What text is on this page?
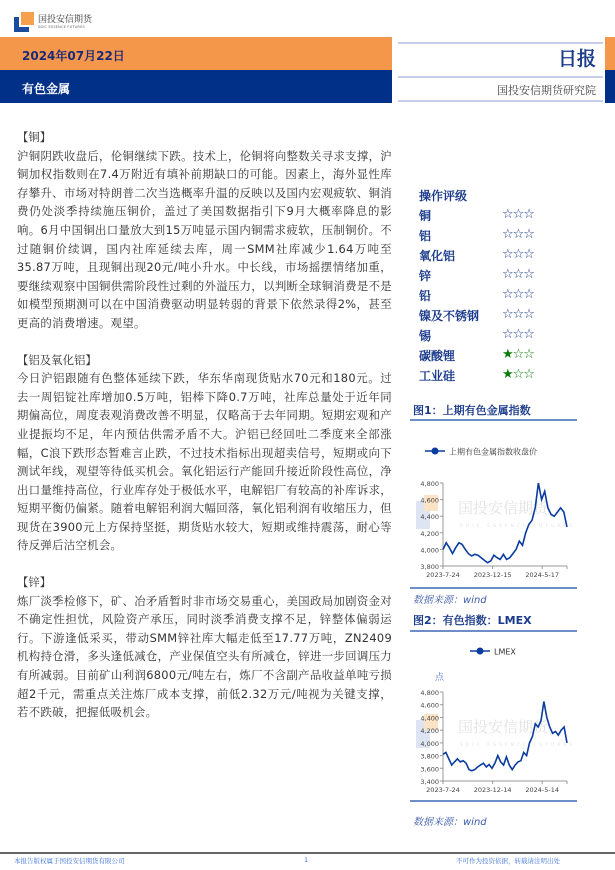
国投安信期货
SDIC ESSENCE FUTURES
2024年07月22日
有色金属
日报
国投安信期货研究院
【铜】

沪铜阴跌收盘后，伦铜继续下跌。技术上，伦铜将向整数关寻求支撑，沪铜加权指数则在7.4万附近有填补前期缺口的可能。因素上，海外显性库存攀升、市场对特朗普二次当选概率升温的反映以及国内宏观疲软、铜消费仍处淡季持续施压铜价，盖过了美国数据指引下9月大概率降息的影响。6月中国铜出口量放大到15万吨显示国内铜需求疲软，压制铜价。不过随铜价续调，国内社库延续去库，周一SMM社库减少1.64万吨至35.87万吨，且现铜出现20元/吨小升水。中长线，市场摇摆情绪加重，要继续观察中国铜供需阶段性过剩的外溢压力，以判断全球铜消费是不是如模型预期测可以在中国消费驱动明显转弱的背景下依然录得2%，甚至更高的消费增速。观望。

【铝及氧化铝】

今日沪铝跟随有色整体延续下跌，华东华南现货贴水70元和180元。过去一周铝锭社库增加0.5万吨，铝棒下降0.7万吨，社库总量处于近年同期偏高位，周度表观消费改善不明显，仅略高于去年同期。短期宏观和产业提振均不足，年内预估供需矛盾不大。沪铝已经回吐二季度来全部涨幅，C浪下跌形态暂难言止跌，不过技术指标出现超卖信号，短期或向下测试年线，观望等待低买机会。氧化铝运行产能回升接近阶段性高位，净出口量维持高位，行业库存处于极低水平，电解铝厂有较高的补库诉求，短期平衡仍偏紧。随着电解铝利润大幅回落，氧化铝利润有收缩压力，但现货在3900元上方保持坚挺，期货贴水较大，短期或维持震荡，耐心等待反弹后沽空机会。

【锌】

炼厂淡季检修下，矿、冶矛盾暂时非市场交易重心，美国政局加剧资金对不确定性担忧，风险资产承压，同时淡季消费支撑不足，锌整体偏弱运行。下游逢低采买，带动SMM锌社库大幅走低至17.77万吨，ZN2409机构持仓滑，多头逢低减仓，产业保值空头有所减仓，锌进一步回调压力有所减弱。目前矿山利润6800元/吨左右，炼厂不含副产品收益单吨亏损超2千元，需重点关注炼厂成本支撑，前低2.32万元/吨视为关键支撑，若不跌破，把握低吸机会。

操作评级
铜	☆☆☆
铝	☆☆☆
氧化铝	☆☆☆
锌	☆☆☆
铅	☆☆☆
镍及不锈钢	☆☆☆
锡	☆☆☆
碳酸锂	★☆☆
工业硅	★☆☆
图1：上期有色金属指数
国投安信期货
SDIC ESSENCE FUTURES
上期有色金属指数收盘价
3,800
4,000
4,200
4,400
4,600
4,800
2023-7-24 2023-12-15 2024-5-17
数据来源：wind
图2：有色指数：LMEX
国投安信期货
SDIC ESSENCE FUTURES
LMEX
点
3,400
3,600
3,800
4,000
4,200
4,400
4,600
4,800
2023-7-24 2023-12-14 2024-5-14
数据来源：wind
本报告版权属于国投安信期货有限公司	1	不可作为投资依据，转载请注明出处
